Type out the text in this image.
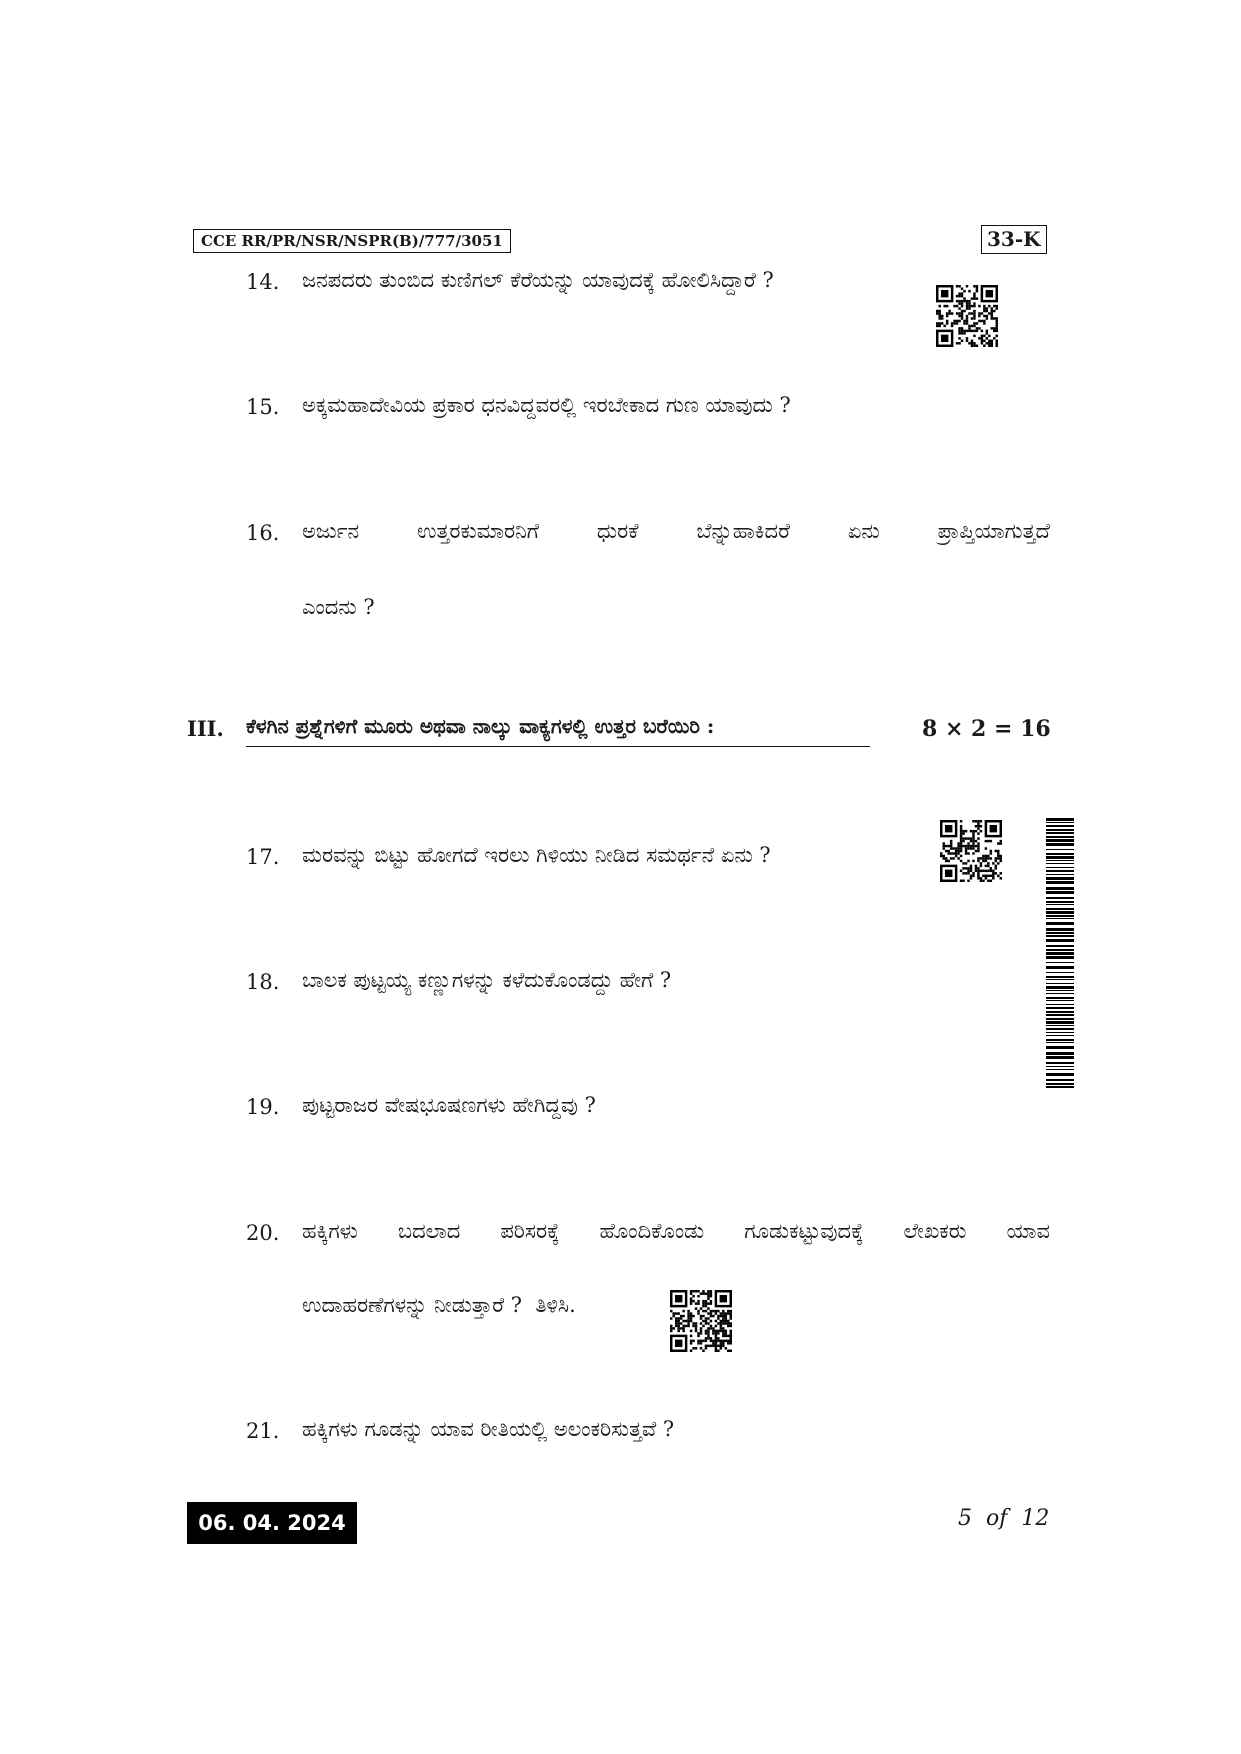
CCE RR/PR/NSR/NSPR(B)/777/3051	33-K
14. ಜನಪದರು ತುಂಬಿದ ಕುಣಿಗಲ್ ಕೆರೆಯನ್ನು ಯಾವುದಕ್ಕೆ ಹೋಲಿಸಿದ್ದಾರೆ ?
15. ಅಕ್ಕಮಹಾದೇವಿಯ ಪ್ರಕಾರ ಧನವಿದ್ದವರಲ್ಲಿ ಇರಬೇಕಾದ ಗುಣ ಯಾವುದು ?
16. ಅರ್ಜುನ	ಉತ್ತರಕುಮಾರನಿಗೆ	ಧುರಕೆ	ಬೆನ್ನುಹಾಕಿದರೆ	ಏನು	ಪ್ರಾಪ್ತಿಯಾಗುತ್ತದೆ
ಎಂದನು ?
III. ಕೆಳಗಿನ ಪ್ರಶ್ನೆಗಳಿಗೆ ಮೂರು ಅಥವಾ ನಾಲ್ಕು ವಾಕ್ಯಗಳಲ್ಲಿ ಉತ್ತರ ಬರೆಯಿರಿ :	8 × 2 = 16
17. ಮರವನ್ನು ಬಿಟ್ಟು ಹೋಗದೆ ಇರಲು ಗಿಳಿಯು ನೀಡಿದ ಸಮರ್ಥನೆ ಏನು ?
18. ಬಾಲಕ ಪುಟ್ಟಯ್ಯ ಕಣ್ಣುಗಳನ್ನು ಕಳೆದುಕೊಂಡದ್ದು ಹೇಗೆ ?
19. ಪುಟ್ಟರಾಜರ ವೇಷಭೂಷಣಗಳು ಹೇಗಿದ್ದವು ?
20. ಹಕ್ಕಿಗಳು ಬದಲಾದ ಪರಿಸರಕ್ಕೆ ಹೊಂದಿಕೊಂಡು ಗೂಡುಕಟ್ಟುವುದಕ್ಕೆ ಲೇಖಕರು ಯಾವ
ಉದಾಹರಣೆಗಳನ್ನು ನೀಡುತ್ತಾರೆ ?  ತಿಳಿಸಿ.
21. ಹಕ್ಕಿಗಳು ಗೂಡನ್ನು ಯಾವ ರೀತಿಯಲ್ಲಿ ಅಲಂಕರಿಸುತ್ತವೆ ?
06. 04. 2024	5  of  12
